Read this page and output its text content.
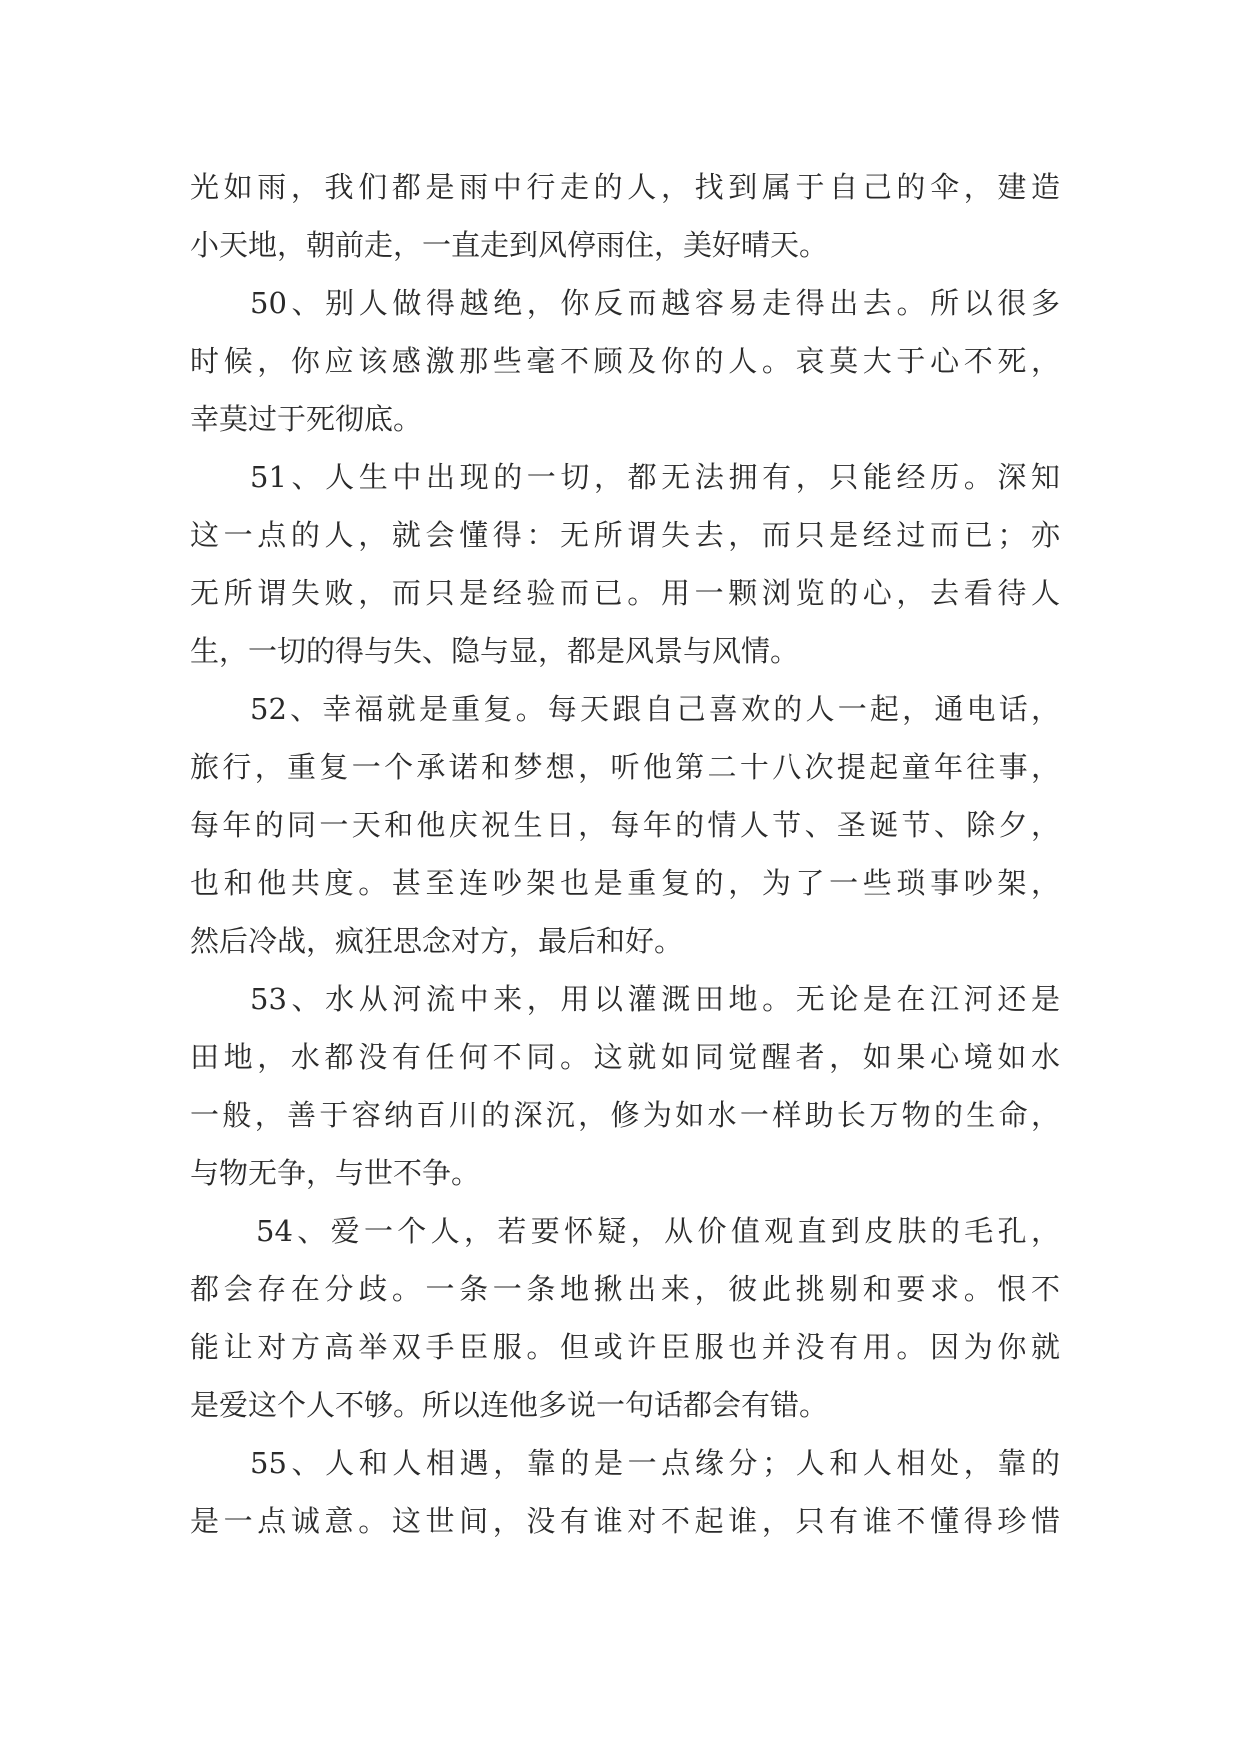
光如雨，我们都是雨中行走的人，找到属于自己的伞，建造

小天地，朝前走，一直走到风停雨住，美好晴天。

50、别人做得越绝，你反而越容易走得出去。所以很多

时候，你应该感激那些毫不顾及你的人。哀莫大于心不死，

幸莫过于死彻底。

51、人生中出现的一切，都无法拥有，只能经历。深知

这一点的人，就会懂得：无所谓失去，而只是经过而已；亦

无所谓失败，而只是经验而已。用一颗浏览的心，去看待人

生，一切的得与失、隐与显，都是风景与风情。

52、幸福就是重复。每天跟自己喜欢的人一起，通电话，

旅行，重复一个承诺和梦想，听他第二十八次提起童年往事，

每年的同一天和他庆祝生日，每年的情人节、圣诞节、除夕，

也和他共度。甚至连吵架也是重复的，为了一些琐事吵架，

然后冷战，疯狂思念对方，最后和好。

53、水从河流中来，用以灌溉田地。无论是在江河还是

田地，水都没有任何不同。这就如同觉醒者，如果心境如水

一般，善于容纳百川的深沉，修为如水一样助长万物的生命，

与物无争，与世不争。

54、爱一个人，若要怀疑，从价值观直到皮肤的毛孔，

都会存在分歧。一条一条地揪出来，彼此挑剔和要求。恨不

能让对方高举双手臣服。但或许臣服也并没有用。因为你就

是爱这个人不够。所以连他多说一句话都会有错。

55、人和人相遇，靠的是一点缘分；人和人相处，靠的

是一点诚意。这世间，没有谁对不起谁，只有谁不懂得珍惜
